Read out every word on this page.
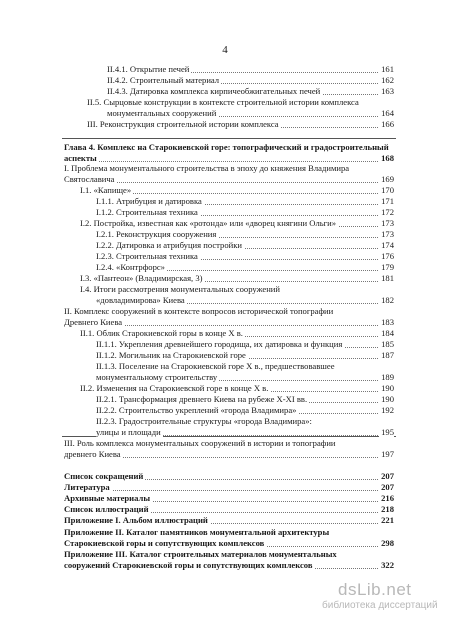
4
II.4.1. Открытие печей	161
II.4.2. Строительный материал	162
II.4.3. Датировка комплекса кирпичеобжигательных печей	163
II.5. Сырцовые конструкции в контексте строительной истории комплекса
монументальных сооружений	164
III. Реконструкция строительной истории комплекса	166
Глава 4. Комплекс на Старокиевской горе: топографический и градостроительный
аспекты	168
I. Проблема монументального строительства в эпоху до княжения Владимира
Святославича	169
I.1. «Капище»	170
I.1.1. Атрибуция и датировка	171
I.1.2. Строительная техника	172
I.2. Постройка, известная как «ротонда» или «дворец княгини Ольги»	173
I.2.1. Реконструкция сооружения	173
I.2.2. Датировка и атрибуция постройки	174
I.2.3. Строительная техника	176
I.2.4. «Контрфорс»	179
I.3. «Пантеон» (Владимирская, 3)	181
I.4. Итоги рассмотрения монументальных сооружений
«довладимирова» Киева	182
II. Комплекс сооружений в контексте вопросов исторической топографии
Древнего Киева	183
II.1. Облик Старокиевской горы в конце X в.	184
II.1.1. Укрепления древнейшего городища, их датировка и функция	185
II.1.2. Могильник на Старокиевской горе	187
II.1.3. Поселение на Старокиевской горе X в., предшествовавшее
монументальному строительству	189
II.2. Изменения на Старокиевской горе в конце X в.	190
II.2.1. Трансформация древнего Киева на рубеже X-XI вв.	190
II.2.2. Строительство укреплений «города Владимира»	192
II.2.3. Градостроительные структуры «города Владимира»:
улицы и площади	195
III. Роль комплекса монументальных сооружений в истории и топографии
древнего Киева	197
Список сокращений	207
Литература	207
Архивные материалы	216
Список иллюстраций	218
Приложение I. Альбом иллюстраций	221
Приложение II. Каталог памятников монументальной архитектуры
Старокиевской горы и сопутствующих комплексов	298
Приложение III. Каталог строительных материалов монументальных
сооружений Старокиевской горы и сопутствующих комплексов	322
dsLib.net
библиотека диссертаций
